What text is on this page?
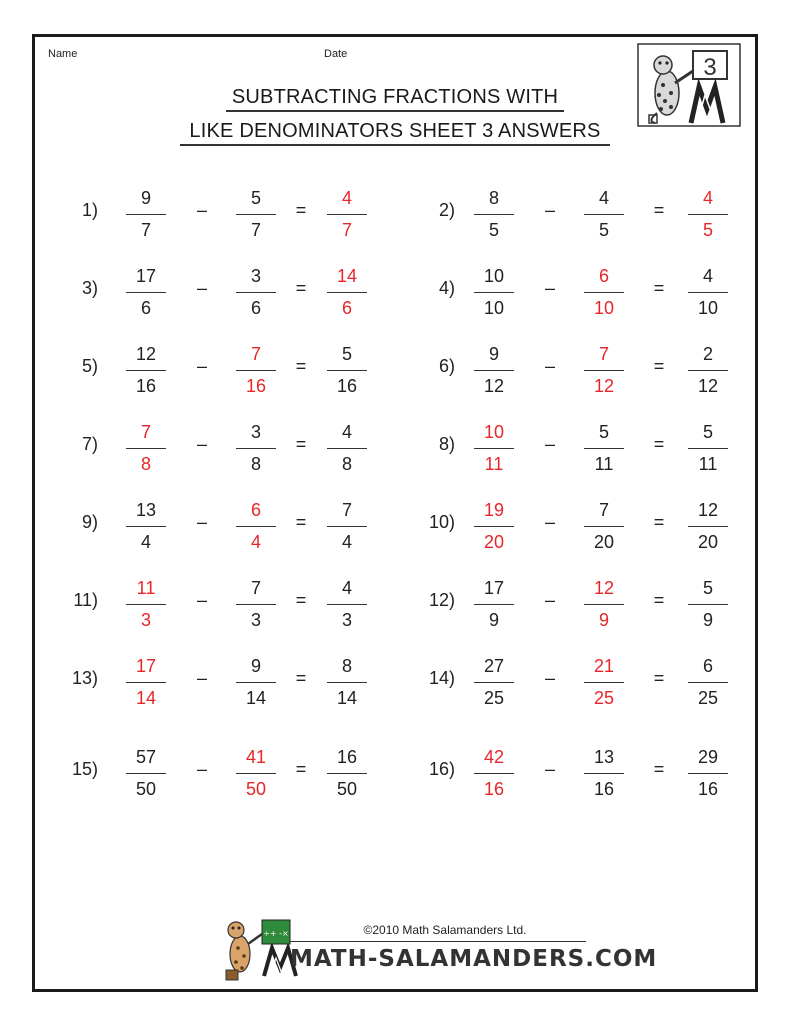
Name	Date
SUBTRACTING FRACTIONS WITH
LIKE DENOMINATORS SHEET 3 ANSWERS
3
1)
9
7
–
5
7
=
4
7
2)
8
5
–
4
5
=
4
5
3)
17
6
–
3
6
=
14
6
4)
10
10
–
6
10
=
4
10
5)
12
16
–
7
16
=
5
16
6)
9
12
–
7
12
=
2
12
7)
7
8
–
3
8
=
4
8
8)
10
11
–
5
11
=
5
11
9)
13
4
–
6
4
=
7
4
10)
19
20
–
7
20
=
12
20
11)
11
3
–
7
3
=
4
3
12)
17
9
–
12
9
=
5
9
13)
17
14
–
9
14
=
8
14
14)
27
25
–
21
25
=
6
25
15)
57
50
–
41
50
=
16
50
16)
42
16
–
13
16
=
29
16
©2010 Math Salamanders Ltd.
÷+ -×
MATH-SALAMANDERS.COM
